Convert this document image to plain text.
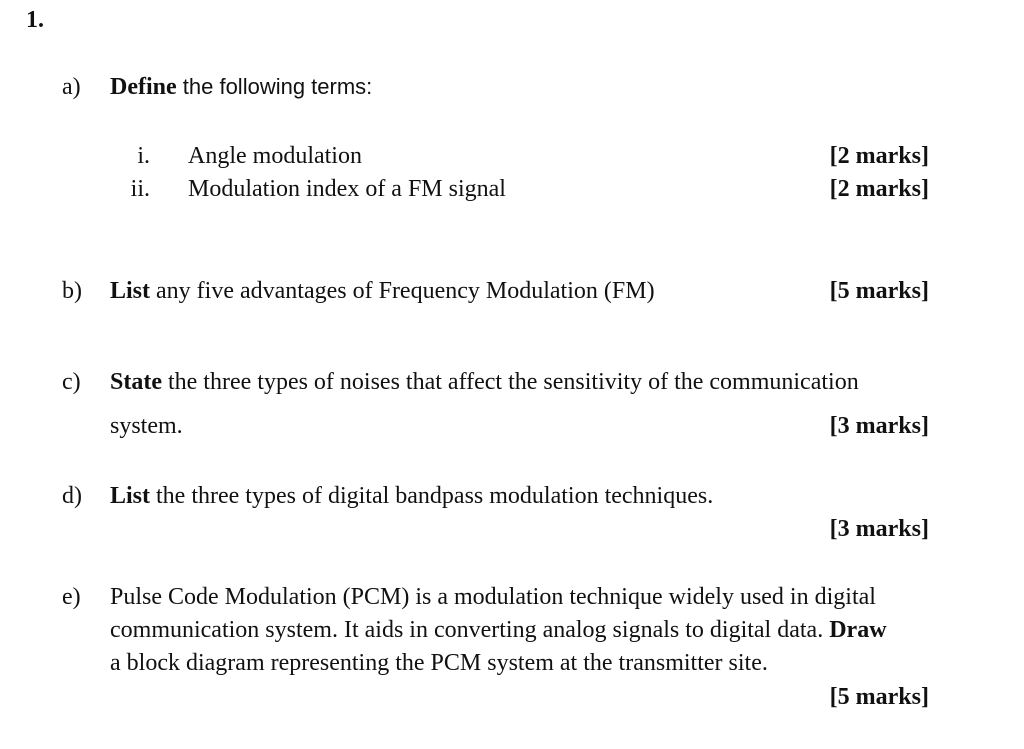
1.
a) Define the following terms:
i. Angle modulation	[2 marks]
ii. Modulation index of a FM signal	[2 marks]
b) List any five advantages of Frequency Modulation (FM)	[5 marks]
c) State the three types of noises that affect the sensitivity of the communication
system.	[3 marks]
d) List the three types of digital bandpass modulation techniques.
[3 marks]
e) Pulse Code Modulation (PCM) is a modulation technique widely used in digital
communication system. It aids in converting analog signals to digital data. Draw
a block diagram representing the PCM system at the transmitter site.
[5 marks]
